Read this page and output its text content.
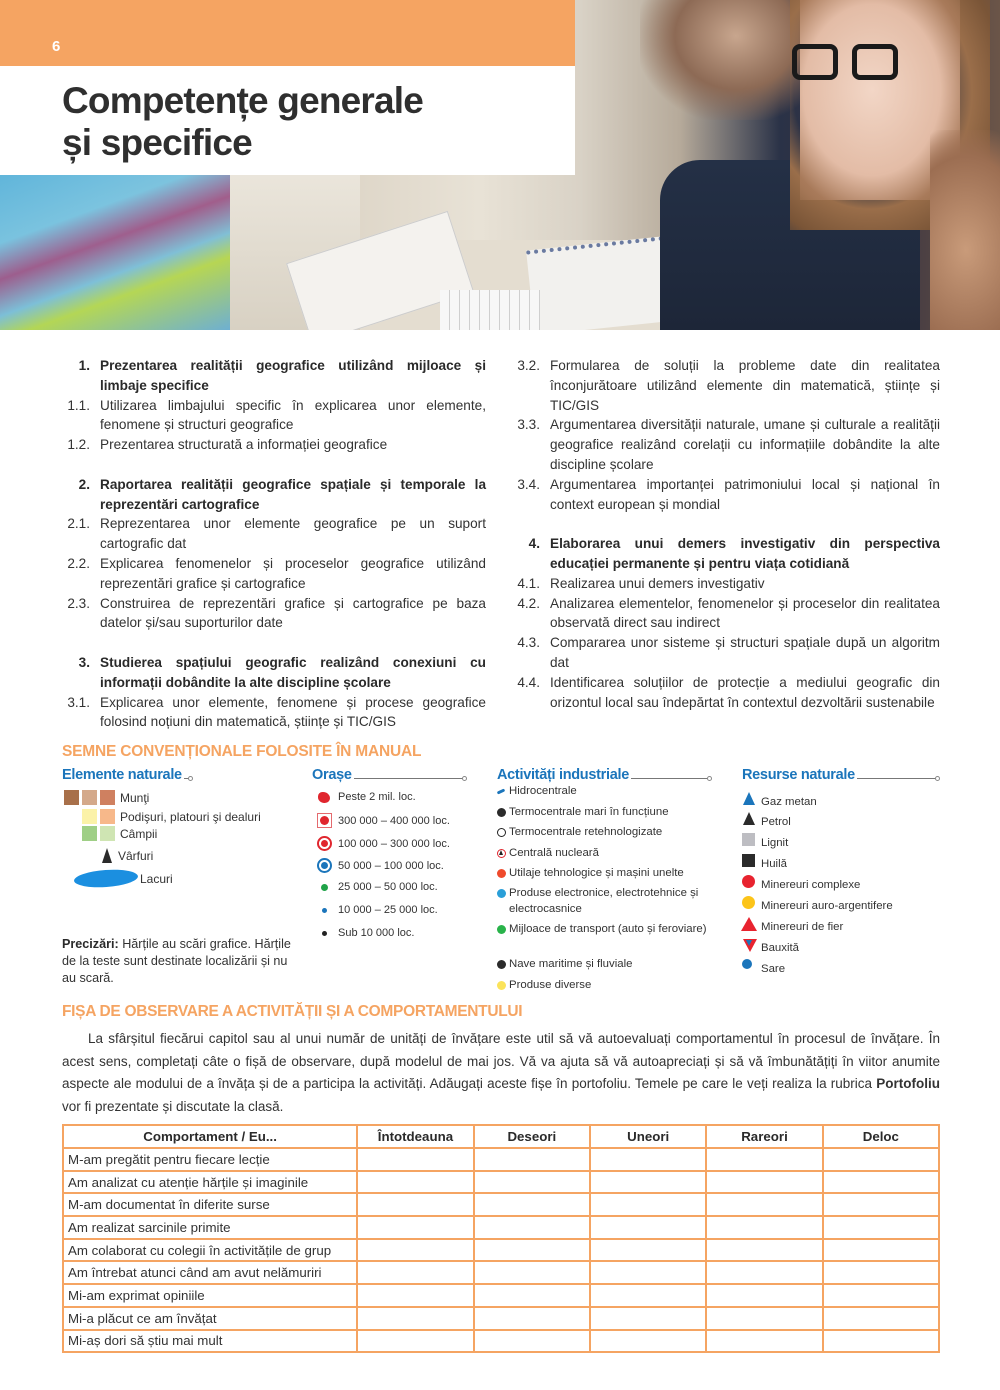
6
Competențe generale
și specifice
1. Prezentarea realității geografice utilizând mijloace și limbaje specifice
1.1. Utilizarea limbajului specific în explicarea unor elemente, fenomene și structuri geografice
1.2. Prezentarea structurată a informației geografice
2. Raportarea realității geografice spațiale și temporale la reprezentări cartografice
2.1. Reprezentarea unor elemente geografice pe un suport cartografic dat
2.2. Explicarea fenomenelor și proceselor geografice utilizând reprezentări grafice și cartografice
2.3. Construirea de reprezentări grafice și cartografice pe baza datelor și/sau suporturilor date
3. Studierea spațiului geografic realizând conexiuni cu informații dobândite la alte discipline școlare
3.1. Explicarea unor elemente, fenomene și procese geografice folosind noțiuni din matematică, științe și TIC/GIS
3.2. Formularea de soluții la probleme date din realitatea înconjurătoare utilizând elemente din matematică, științe și TIC/GIS
3.3. Argumentarea diversității naturale, umane și culturale a realității geografice realizând corelații cu informațiile dobândite la alte discipline școlare
3.4. Argumentarea importanței patrimoniului local și național în context european și mondial
4. Elaborarea unui demers investigativ din perspectiva educației permanente și pentru viața cotidiană
4.1. Realizarea unui demers investigativ
4.2. Analizarea elementelor, fenomenelor și proceselor din realitatea observată direct sau indirect
4.3. Compararea unor sisteme și structuri spațiale după un algoritm dat
4.4. Identificarea soluțiilor de protecție a mediului geografic din orizontul local sau îndepărtat în contextul dezvoltării sustenabile
SEMNE CONVENȚIONALE FOLOSITE ÎN MANUAL
Elemente naturale
Munţi
Podişuri, platouri şi dealuri
Câmpii
Vârfuri
Lacuri
Orașe
Peste 2 mil. loc.
300 000 – 400 000 loc.
100 000 – 300 000 loc.
50 000 – 100 000 loc.
25 000 – 50 000 loc.
10 000 – 25 000 loc.
Sub 10 000 loc.
Activități industriale
Hidrocentrale
Termocentrale mari în funcțiune
Termocentrale retehnologizate
Centrală nucleară
Utilaje tehnologice și mașini unelte
Produse electronice, electrotehnice și electrocasnice
Mijloace de transport (auto și feroviare)
Nave maritime și fluviale
Produse diverse
Resurse naturale
Gaz metan
Petrol
Lignit
Huilă
Minereuri complexe
Minereuri auro-argentifere
Minereuri de fier
Bauxită
Sare
Precizări: Hărțile au scări grafice. Hărțile de la teste sunt destinate localizării și nu au scară.
FIȘA DE OBSERVARE A ACTIVITĂȚII ȘI A COMPORTAMENTULUI

La sfârșitul fiecărui capitol sau al unui număr de unități de învățare este util să vă autoevaluați comportamentul în procesul de învățare. În acest sens, completați câte o fișă de observare, după modelul de mai jos. Vă va ajuta să vă autoapreciați și să vă îmbunătățiți în viitor anumite aspecte ale modului de a învăța și de a participa la activități. Adăugați aceste fișe în portofoliu. Temele pe care le veți realiza la rubrica Portofoliu vor fi prezentate și discutate la clasă.

Comportament / Eu...	Întotdeauna	Deseori	Uneori	Rareori	Deloc
M-am pregătit pentru fiecare lecție					
Am analizat cu atenție hărțile și imaginile					
M-am documentat în diferite surse					
Am realizat sarcinile primite					
Am colaborat cu colegii în activitățile de grup					
Am întrebat atunci când am avut nelămuriri					
Mi-am exprimat opiniile					
Mi-a plăcut ce am învățat					
Mi-aș dori să știu mai mult					
